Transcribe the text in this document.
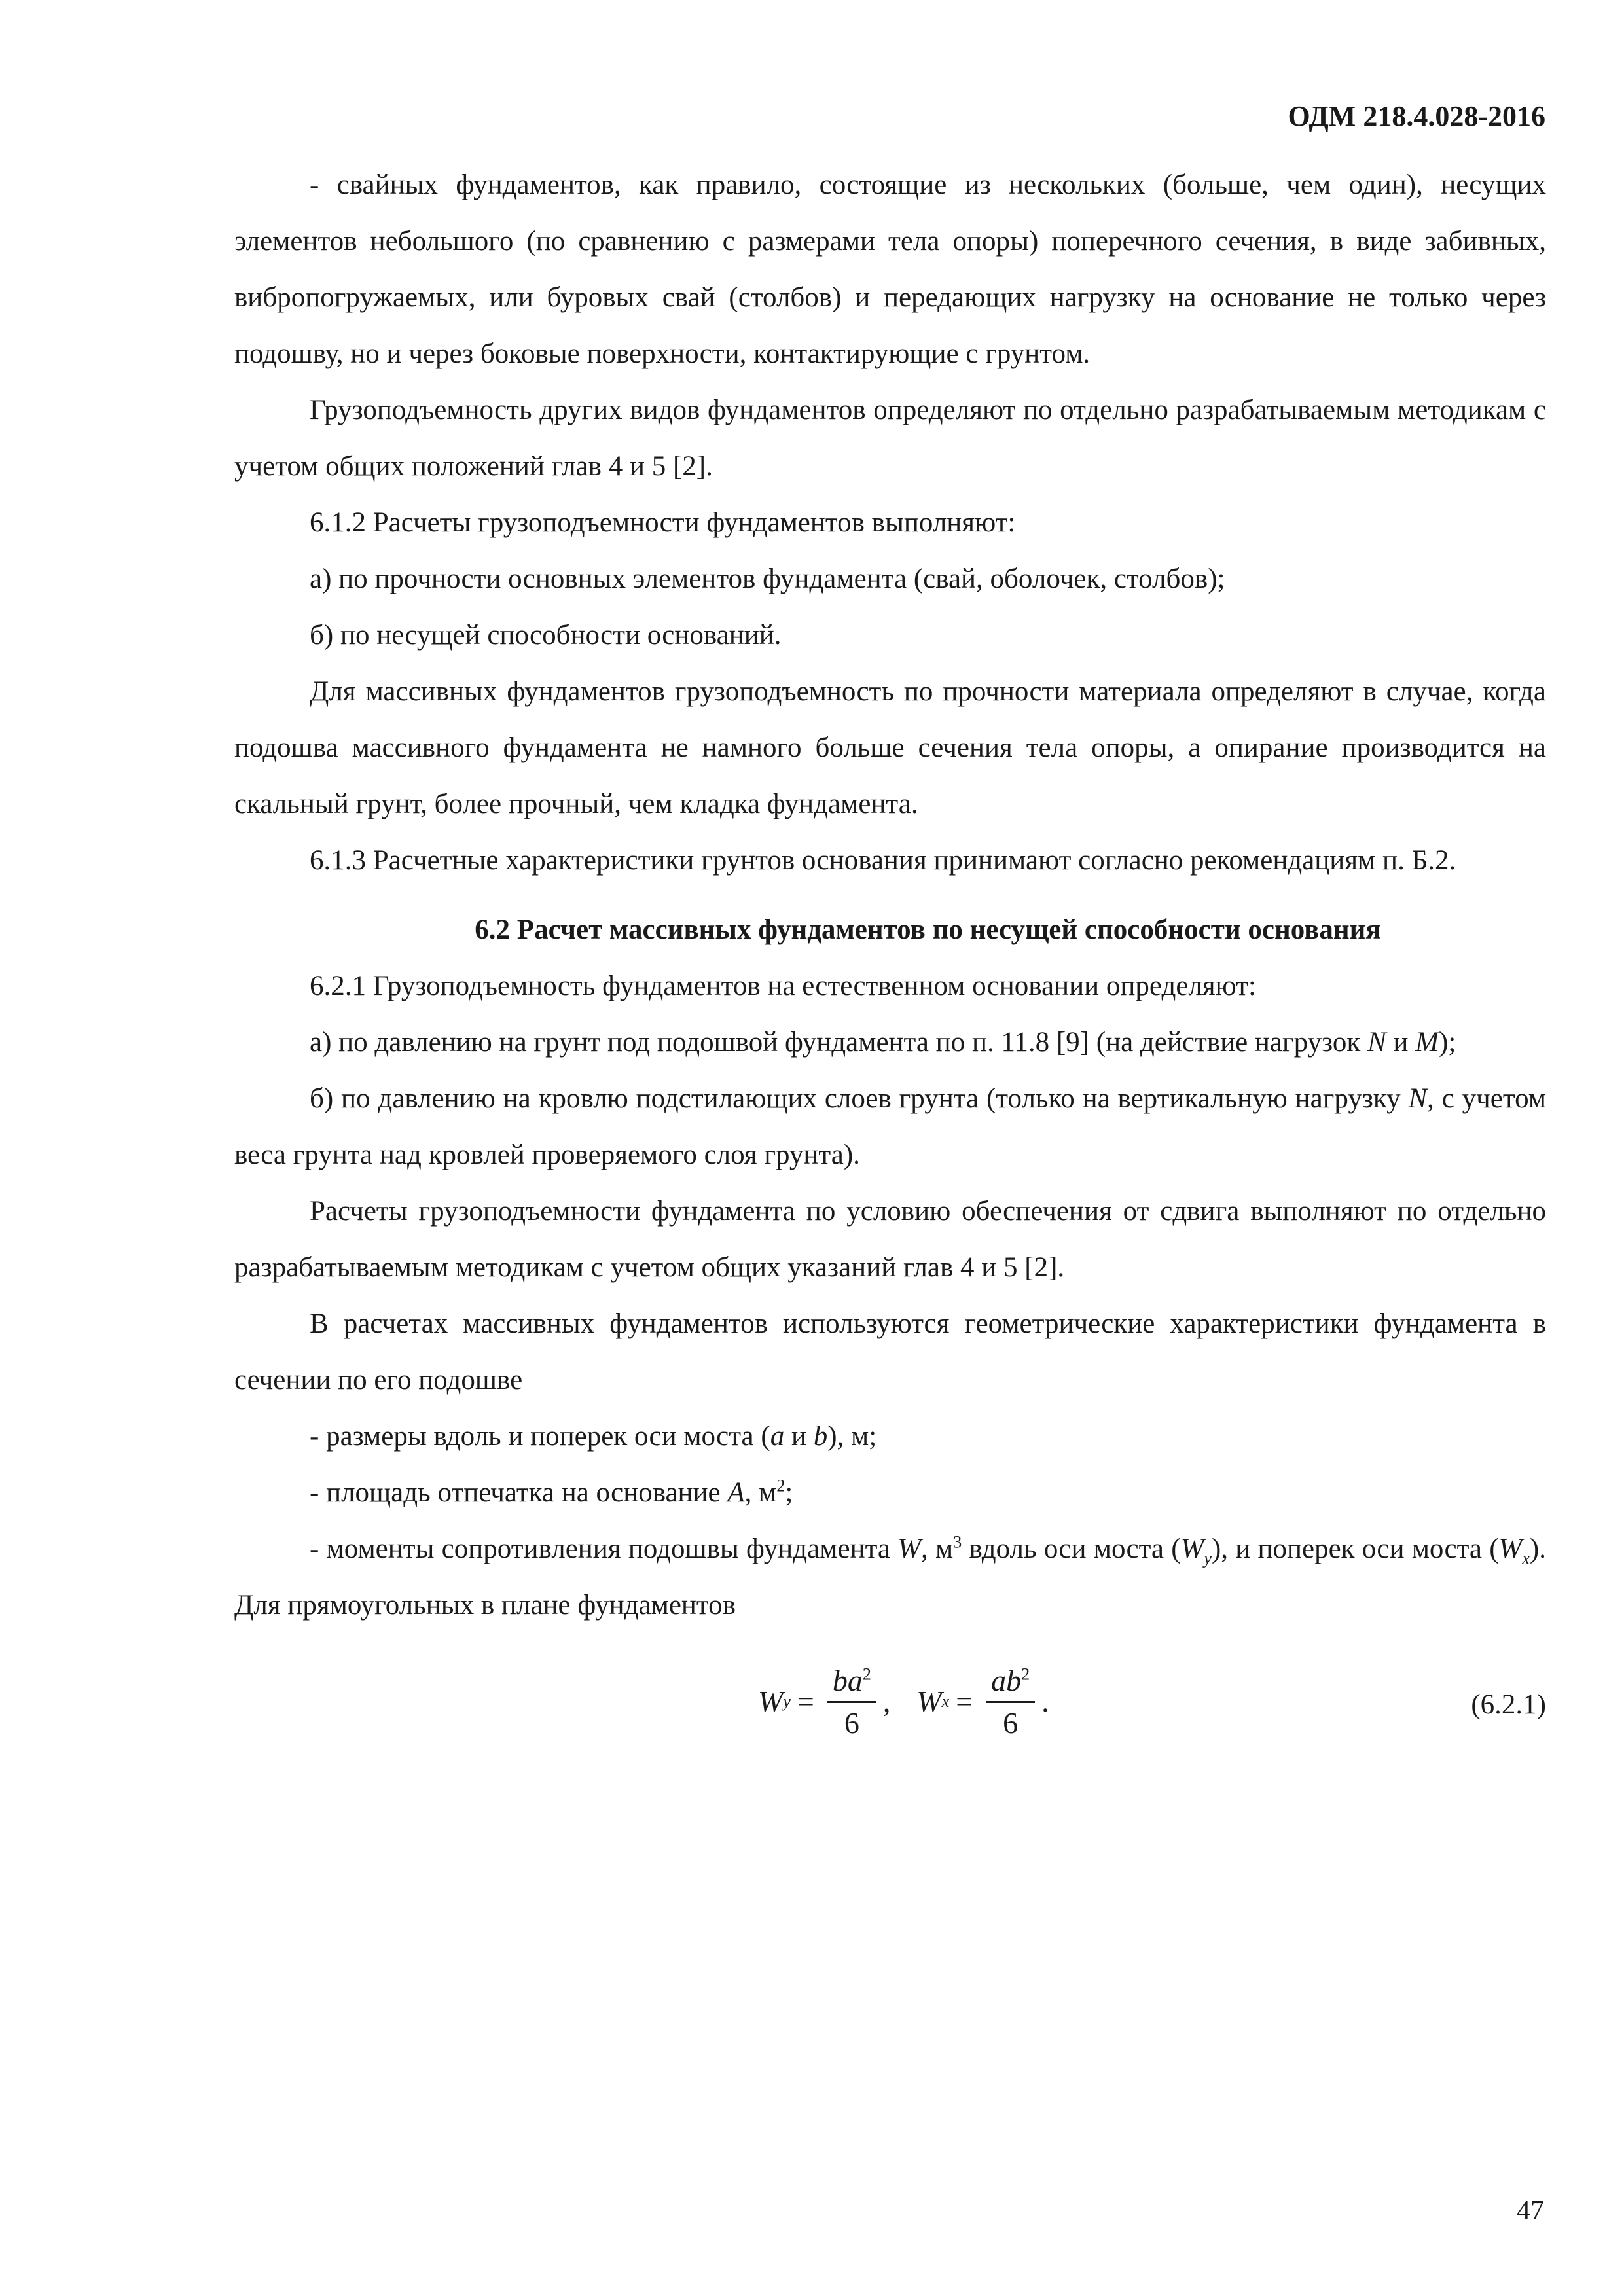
ОДМ 218.4.028-2016

- свайных фундаментов, как правило, состоящие из нескольких (больше, чем один), несущих элементов небольшого (по сравнению с размерами тела опоры) поперечного сечения, в виде забивных, вибропогружаемых, или буровых свай (столбов) и передающих нагрузку на основание не только через подошву, но и через боковые поверхности, контактирующие с грунтом.

Грузоподъемность других видов фундаментов определяют по отдельно разрабатываемым методикам с учетом общих положений глав 4 и 5 [2].

6.1.2 Расчеты грузоподъемности фундаментов выполняют:

а) по прочности основных элементов фундамента (свай, оболочек, столбов);

б) по несущей способности оснований.

Для массивных фундаментов грузоподъемность по прочности материала определяют в случае, когда подошва массивного фундамента не намного больше сечения тела опоры, а опирание производится на скальный грунт, более прочный, чем кладка фундамента.

6.1.3 Расчетные характеристики грунтов основания принимают согласно рекомендациям п. Б.2.

6.2 Расчет массивных фундаментов по несущей способности основания

6.2.1 Грузоподъемность фундаментов на естественном основании определяют:

а) по давлению на грунт под подошвой фундамента по п. 11.8 [9] (на действие нагрузок N и M);

б) по давлению на кровлю подстилающих слоев грунта (только на вертикальную нагрузку N, с учетом веса грунта над кровлей проверяемого слоя грунта).

Расчеты грузоподъемности фундамента по условию обеспечения от сдвига выполняют по отдельно разрабатываемым методикам с учетом общих указаний глав 4 и 5 [2].

В расчетах массивных фундаментов используются геометрические характеристики фундамента в сечении по его подошве

- размеры вдоль и поперек оси моста (a и b), м;

- площадь отпечатка на основание A, $м^2$;

- моменты сопротивления подошвы фундамента W, $м^3$ вдоль оси моста $(W_y)$, и поперек оси моста $(W_x)$. Для прямоугольных в плане фундаментов

W $y = \frac{ba^2}{6}$ , W $x = \frac{ab^2}{6}$ .	(6.2.1)
47
